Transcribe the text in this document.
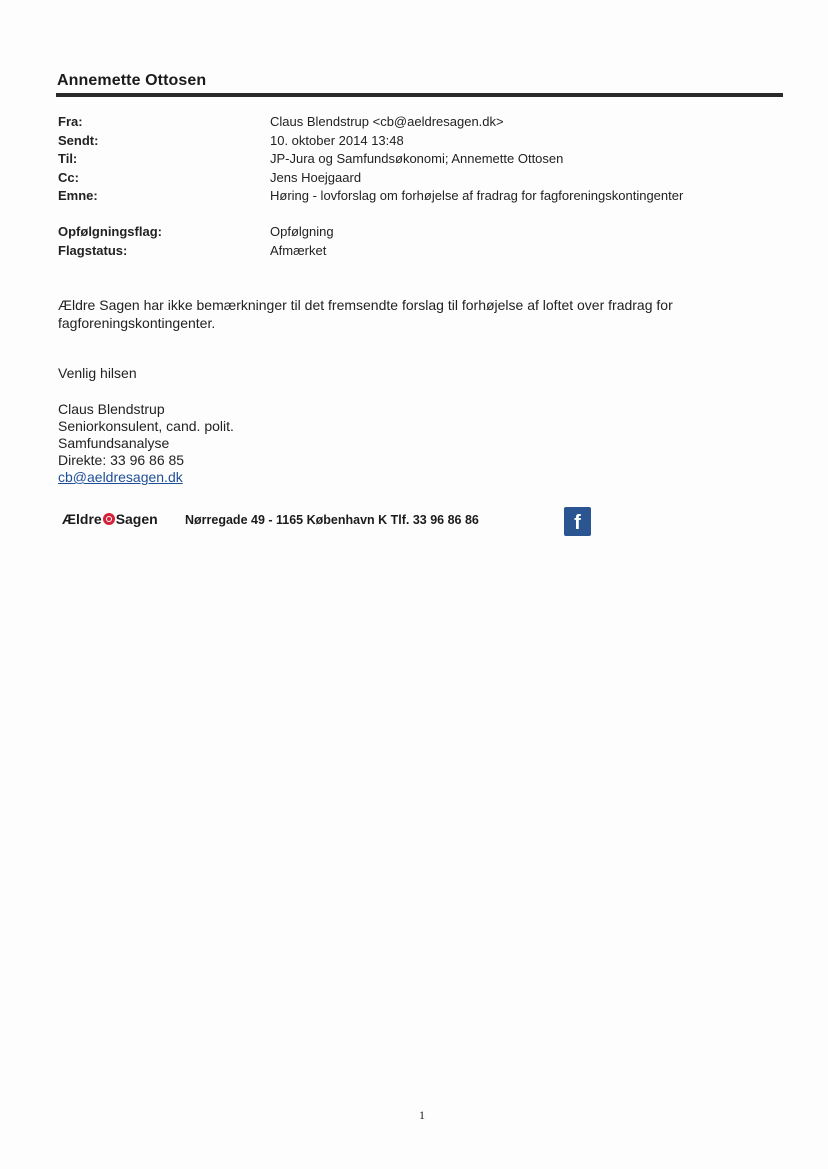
Annemette Ottosen
Fra:	Claus Blendstrup <cb@aeldresagen.dk>
Sendt:	10. oktober 2014 13:48
Til:	JP-Jura og Samfundsøkonomi; Annemette Ottosen
Cc:	Jens Hoejgaard
Emne:	Høring - lovforslag om forhøjelse af fradrag for fagforeningskontingenter
Opfølgningsflag:	Opfølgning
Flagstatus:	Afmærket
Ældre Sagen har ikke bemærkninger til det fremsendte forslag til forhøjelse af loftet over fradrag for fagforeningskontingenter.
Venlig hilsen
Claus Blendstrup
Seniorkonsulent, cand. polit.
Samfundsanalyse
Direkte: 33 96 86 85
cb@aeldresagen.dk
Ældre Sagen Nørregade 49 - 1165 København K Tlf. 33 96 86 86	f
1
